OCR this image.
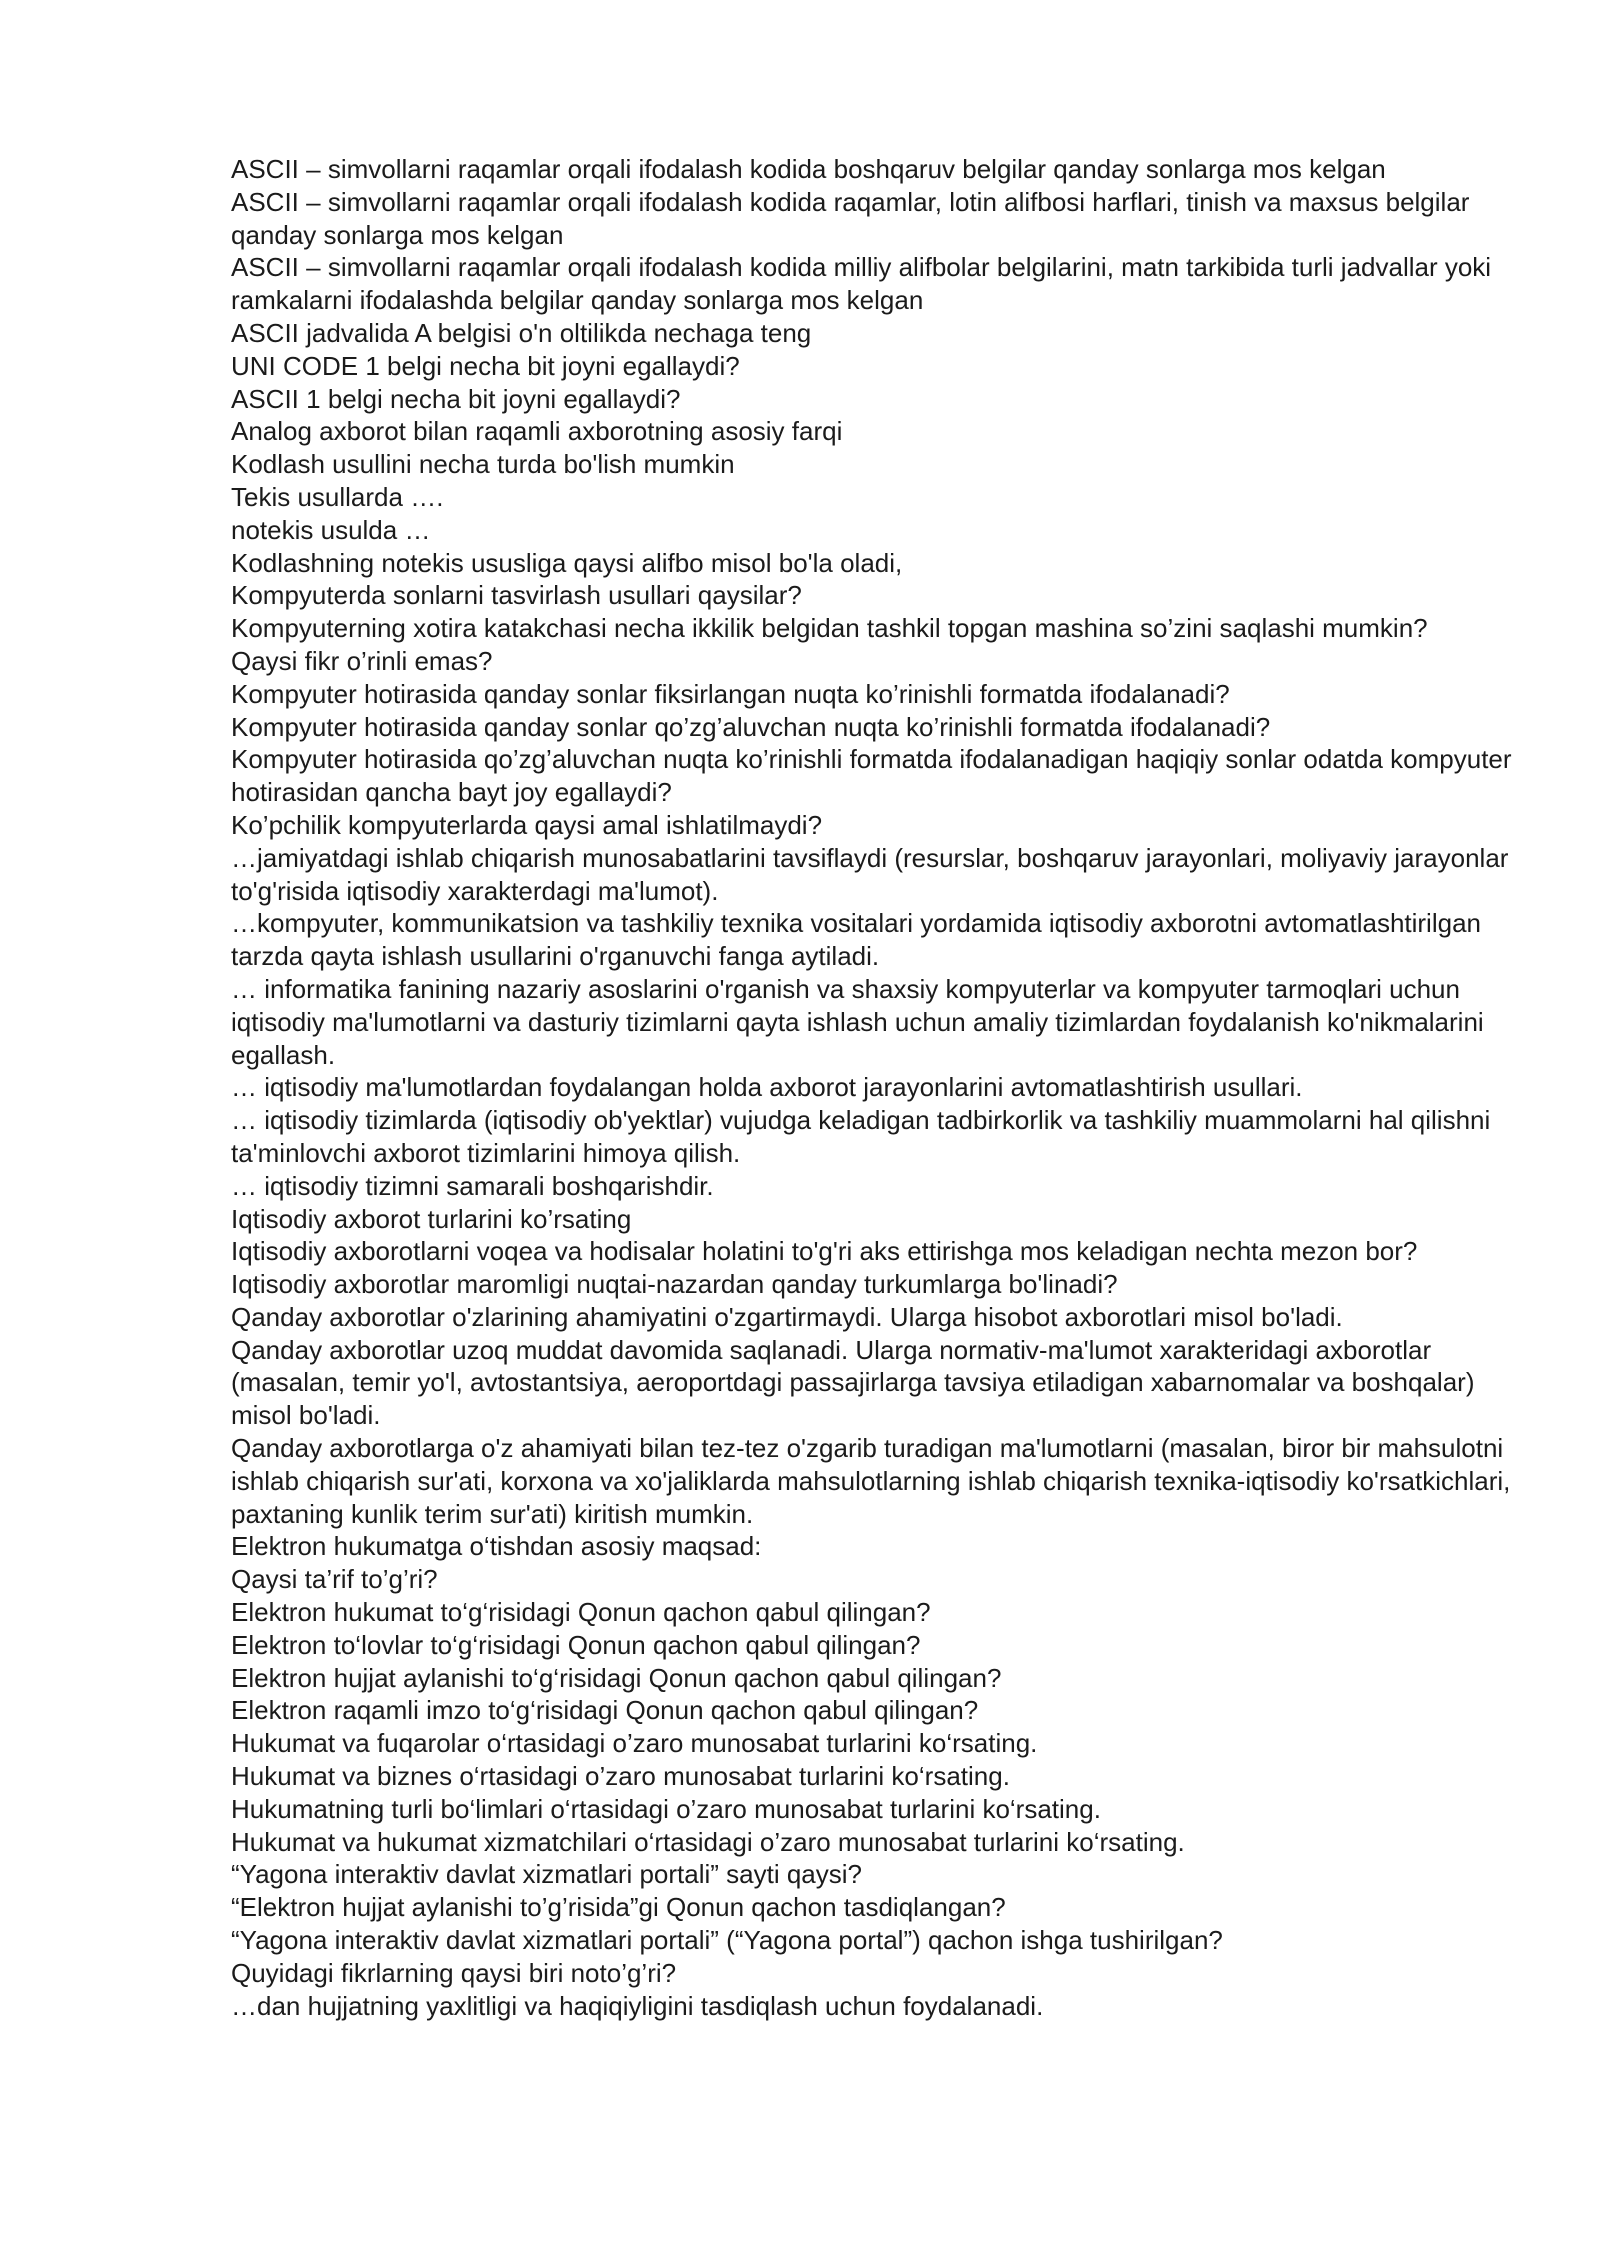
ASCII – simvollarni raqamlar orqali ifodalash kodida boshqaruv belgilar qanday sonlarga mos kelgan

ASCII – simvollarni raqamlar orqali ifodalash kodida raqamlar, lotin alifbosi harflari, tinish va maxsus belgilar qanday sonlarga mos kelgan

ASCII – simvollarni raqamlar orqali ifodalash kodida milliy alifbolar belgilarini, matn tarkibida turli jadvallar yoki ramkalarni ifodalashda belgilar qanday sonlarga mos kelgan

ASCII jadvalida A belgisi o'n oltilikda nechaga teng

UNI CODE 1 belgi necha bit joyni egallaydi?

ASCII 1 belgi necha bit joyni egallaydi?

Analog axborot bilan raqamli axborotning asosiy farqi

Kodlash usullini necha turda bo'lish mumkin

Tekis usullarda ….

notekis usulda …

Kodlashning notekis ususliga qaysi alifbo misol bo'la oladi,

Kompyuterda sonlarni tasvirlash usullari qaysilar?

Kompyuterning xotira katakchasi necha ikkilik belgidan tashkil topgan mashina so’zini saqlashi mumkin?

Qaysi fikr o’rinli emas?

Kompyuter hotirasida qanday sonlar fiksirlangan nuqta ko’rinishli formatda ifodalanadi?

Kompyuter hotirasida qanday sonlar qo’zg’aluvchan nuqta ko’rinishli formatda ifodalanadi?

Kompyuter hotirasida qo’zg’aluvchan nuqta ko’rinishli formatda ifodalanadigan haqiqiy sonlar odatda kompyuter hotirasidan qancha bayt joy egallaydi?

Ko’pchilik kompyuterlarda qaysi amal ishlatilmaydi?

…jamiyatdagi ishlab chiqarish munosabatlarini tavsiflaydi (resurslar, boshqaruv jarayonlari, moliyaviy jarayonlar to'g'risida iqtisodiy xarakterdagi ma'lumot).

…kompyuter, kommunikatsion va tashkiliy texnika vositalari yordamida iqtisodiy axborotni avtomatlashtirilgan tarzda qayta ishlash usullarini o'rganuvchi fanga aytiladi.

… informatika fanining nazariy asoslarini o'rganish va shaxsiy kompyuterlar va kompyuter tarmoqlari uchun iqtisodiy ma'lumotlarni va dasturiy tizimlarni qayta ishlash uchun amaliy tizimlardan foydalanish ko'nikmalarini egallash.

… iqtisodiy ma'lumotlardan foydalangan holda axborot jarayonlarini avtomatlashtirish usullari.

… iqtisodiy tizimlarda (iqtisodiy ob'yektlar) vujudga keladigan tadbirkorlik va tashkiliy muammolarni hal qilishni ta'minlovchi axborot tizimlarini himoya qilish.

… iqtisodiy tizimni samarali boshqarishdir.

Iqtisodiy axborot turlarini ko’rsating

Iqtisodiy axborotlarni voqea va hodisalar holatini to'g'ri aks ettirishga mos keladigan nechta mezon bor?

Iqtisodiy axborotlar maromligi nuqtai-nazardan qanday turkumlarga bo'linadi?

Qanday axborotlar o'zlarining ahamiyatini o'zgartirmaydi. Ularga hisobot axborotlari misol bo'ladi.

Qanday axborotlar uzoq muddat davomida saqlanadi. Ularga normativ-ma'lumot xarakteridagi axborotlar (masalan, temir yo'l, avtostantsiya, aeroportdagi passajirlarga tavsiya etiladigan xabarnomalar va boshqalar) misol bo'ladi.

Qanday axborotlarga o'z ahamiyati bilan tez-tez o'zgarib turadigan ma'lumotlarni (masalan, biror bir mahsulotni ishlab chiqarish sur'ati, korxona va xo'jaliklarda mahsulotlarning ishlab chiqarish texnika-iqtisodiy ko'rsatkichlari, paxtaning kunlik terim sur'ati) kiritish mumkin.

Elektron hukumatga o‘tishdan asosiy maqsad:

Qaysi ta’rif to’g’ri?

Elektron hukumat to‘g‘risidagi Qonun qachon qabul qilingan?

Elektron to‘lovlar to‘g‘risidagi Qonun qachon qabul qilingan?

Elektron hujjat aylanishi to‘g‘risidagi Qonun qachon qabul qilingan?

Elektron raqamli imzo to‘g‘risidagi Qonun qachon qabul qilingan?

Hukumat va fuqarolar o‘rtasidagi o’zaro munosabat turlarini ko‘rsating.

Hukumat va biznes o‘rtasidagi o’zaro munosabat turlarini ko‘rsating.

Hukumatning turli bo‘limlari o‘rtasidagi o’zaro munosabat turlarini ko‘rsating.

Hukumat va hukumat xizmatchilari o‘rtasidagi o’zaro munosabat turlarini ko‘rsating.

“Yagona interaktiv davlat xizmatlari portali” sayti qaysi?

“Elektron hujjat aylanishi to’g’risida”gi Qonun qachon tasdiqlangan?

“Yagona interaktiv davlat xizmatlari portali” (“Yagona portal”) qachon ishga tushirilgan?

Quyidagi fikrlarning qaysi biri noto’g’ri?

…dan hujjatning yaxlitligi va haqiqiyligini tasdiqlash uchun foydalanadi.
